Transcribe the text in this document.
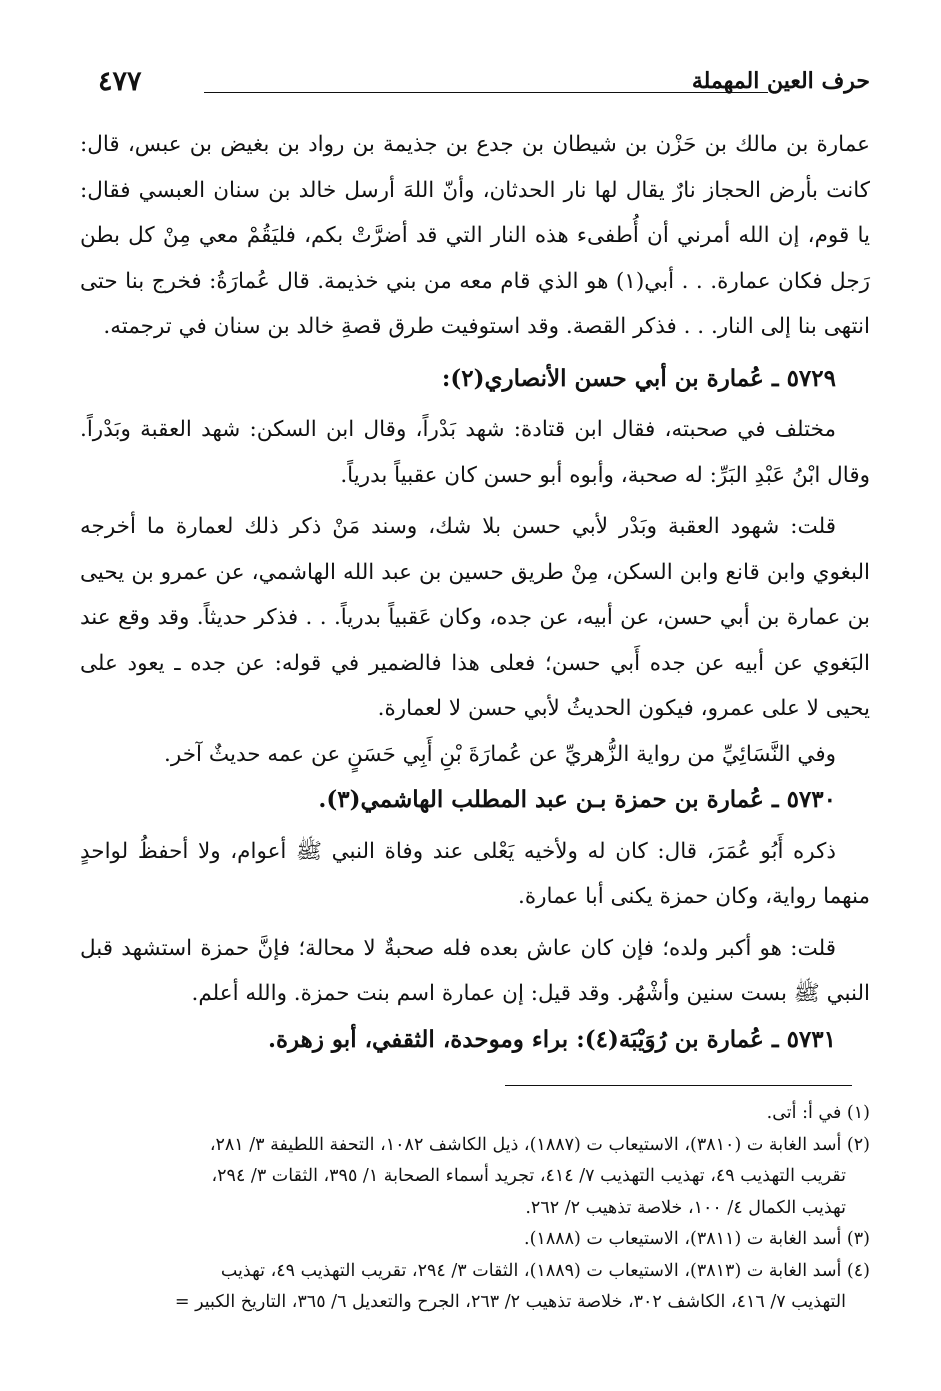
٤٧٧	حرف العين المهملة

عمارة بن مالك بن حَزْن بن شيطان بن جدع بن جذيمة بن رواد بن بغيض بن عبس، قال: كانت بأرض الحجاز نارٌ يقال لها نار الحدثان، وأنّ اللهَ أرسل خالد بن سنان العبسي فقال: يا قوم، إن الله أمرني أن أُطفىء هذه النار التي قد أضرَّتْ بكم، فليَقُمْ معي مِنْ كل بطن رَجل فكان عمارة. . . أبي(١) هو الذي قام معه من بني خذيمة. قال عُمارَةُ: فخرج بنا حتى انتهى بنا إلى النار. . . فذكر القصة. وقد استوفيت طرق قصةِ خالد بن سنان في ترجمته.

٥٧٢٩ ـ عُمارة بن أبي حسن الأنصاري(٢):

مختلف في صحبته، فقال ابن قتادة: شهد بَدْراً، وقال ابن السكن: شهد العقبة وبَدْراً. وقال ابْنُ عَبْدِ البَرِّ: له صحبة، وأبوه أبو حسن كان عقبياً بدرياً.

قلت: شهود العقبة وبَدْر لأبي حسن بلا شك، وسند مَنْ ذكر ذلك لعمارة ما أخرجه البغوي وابن قانع وابن السكن، مِنْ طريق حسين بن عبد الله الهاشمي، عن عمرو بن يحيى بن عمارة بن أبي حسن، عن أبيه، عن جده، وكان عَقبياً بدرياً. . . فذكر حديثاً. وقد وقع عند البَغوي عن أبيه عن جده أَبي حسن؛ فعلى هذا فالضمير في قوله: عن جده ـ يعود على يحيى لا على عمرو، فيكون الحديثُ لأبي حسن لا لعمارة.

وفي النَّسَائِيِّ من رواية الزُّهريِّ عن عُمارَةَ بْنِ أَبِي حَسَنٍ عن عمه حديثٌ آخر.

٥٧٣٠ ـ عُمارة بن حمزة بـن عبد المطلب الهاشمي(٣).

ذكره أَبُو عُمَرَ، قال: كان له ولأخيه يَعْلى عند وفاة النبي ﷺ أعوام، ولا أحفظُ لواحدٍ منهما رواية، وكان حمزة يكنى أبا عمارة.

قلت: هو أكبر ولده؛ فإن كان عاش بعده فله صحبةٌ لا محالة؛ فإنَّ حمزة استشهد قبل النبي ﷺ بست سنين وأشْهُر. وقد قيل: إن عمارة اسم بنت حمزة. والله أعلم.

٥٧٣١ ـ عُمارة بن رُوَيْبَة(٤): براء وموحدة، الثقفي، أبو زهرة.

(١) في أ: أتى.

(٢) أسد الغابة ت (٣٨١٠)، الاستيعاب ت (١٨٨٧)، ذيل الكاشف ١٠٨٢، التحفة اللطيفة ٣/ ٢٨١،

تقريب التهذيب ٤٩، تهذيب التهذيب ٧/ ٤١٤، تجريد أسماء الصحابة ١/ ٣٩٥، الثقات ٣/ ٢٩٤،

تهذيب الكمال ٤/ ١٠٠، خلاصة تذهيب ٢/ ٢٦٢.

(٣) أسد الغابة ت (٣٨١١)، الاستيعاب ت (١٨٨٨).

(٤) أسد الغابة ت (٣٨١٣)، الاستيعاب ت (١٨٨٩)، الثقات ٣/ ٢٩٤، تقريب التهذيب ٤٩، تهذيب

التهذيب ٧/ ٤١٦، الكاشف ٣٠٢، خلاصة تذهيب ٢/ ٢٦٣، الجرح والتعديل ٦/ ٣٦٥، التاريخ الكبير =
